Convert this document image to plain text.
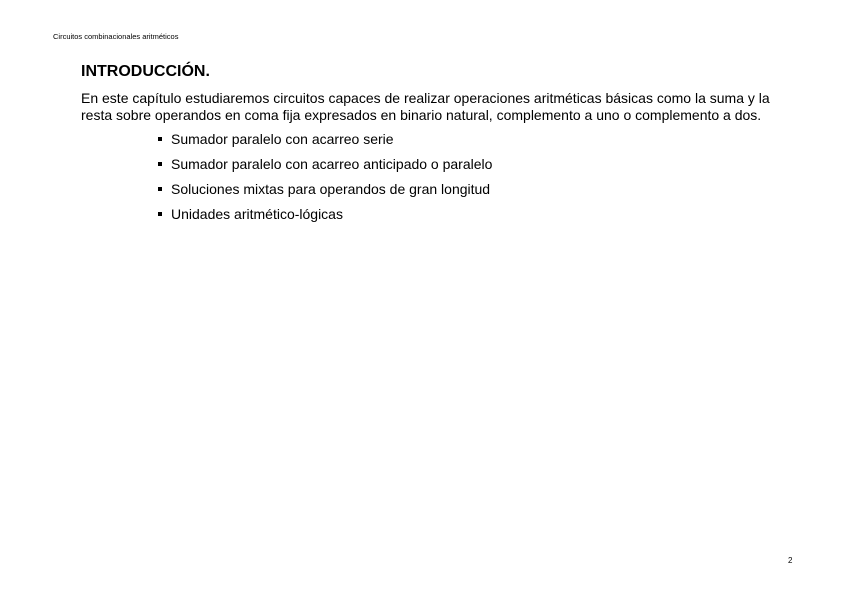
Circuitos combinacionales aritméticos
INTRODUCCIÓN.

En este capítulo estudiaremos circuitos capaces de realizar operaciones aritméticas básicas como la suma y la resta sobre operandos en coma fija expresados en binario natural, complemento a uno o complemento a dos.

Sumador paralelo con acarreo serie
Sumador paralelo con acarreo anticipado o paralelo
Soluciones mixtas para operandos de gran longitud
Unidades aritmético-lógicas
2
